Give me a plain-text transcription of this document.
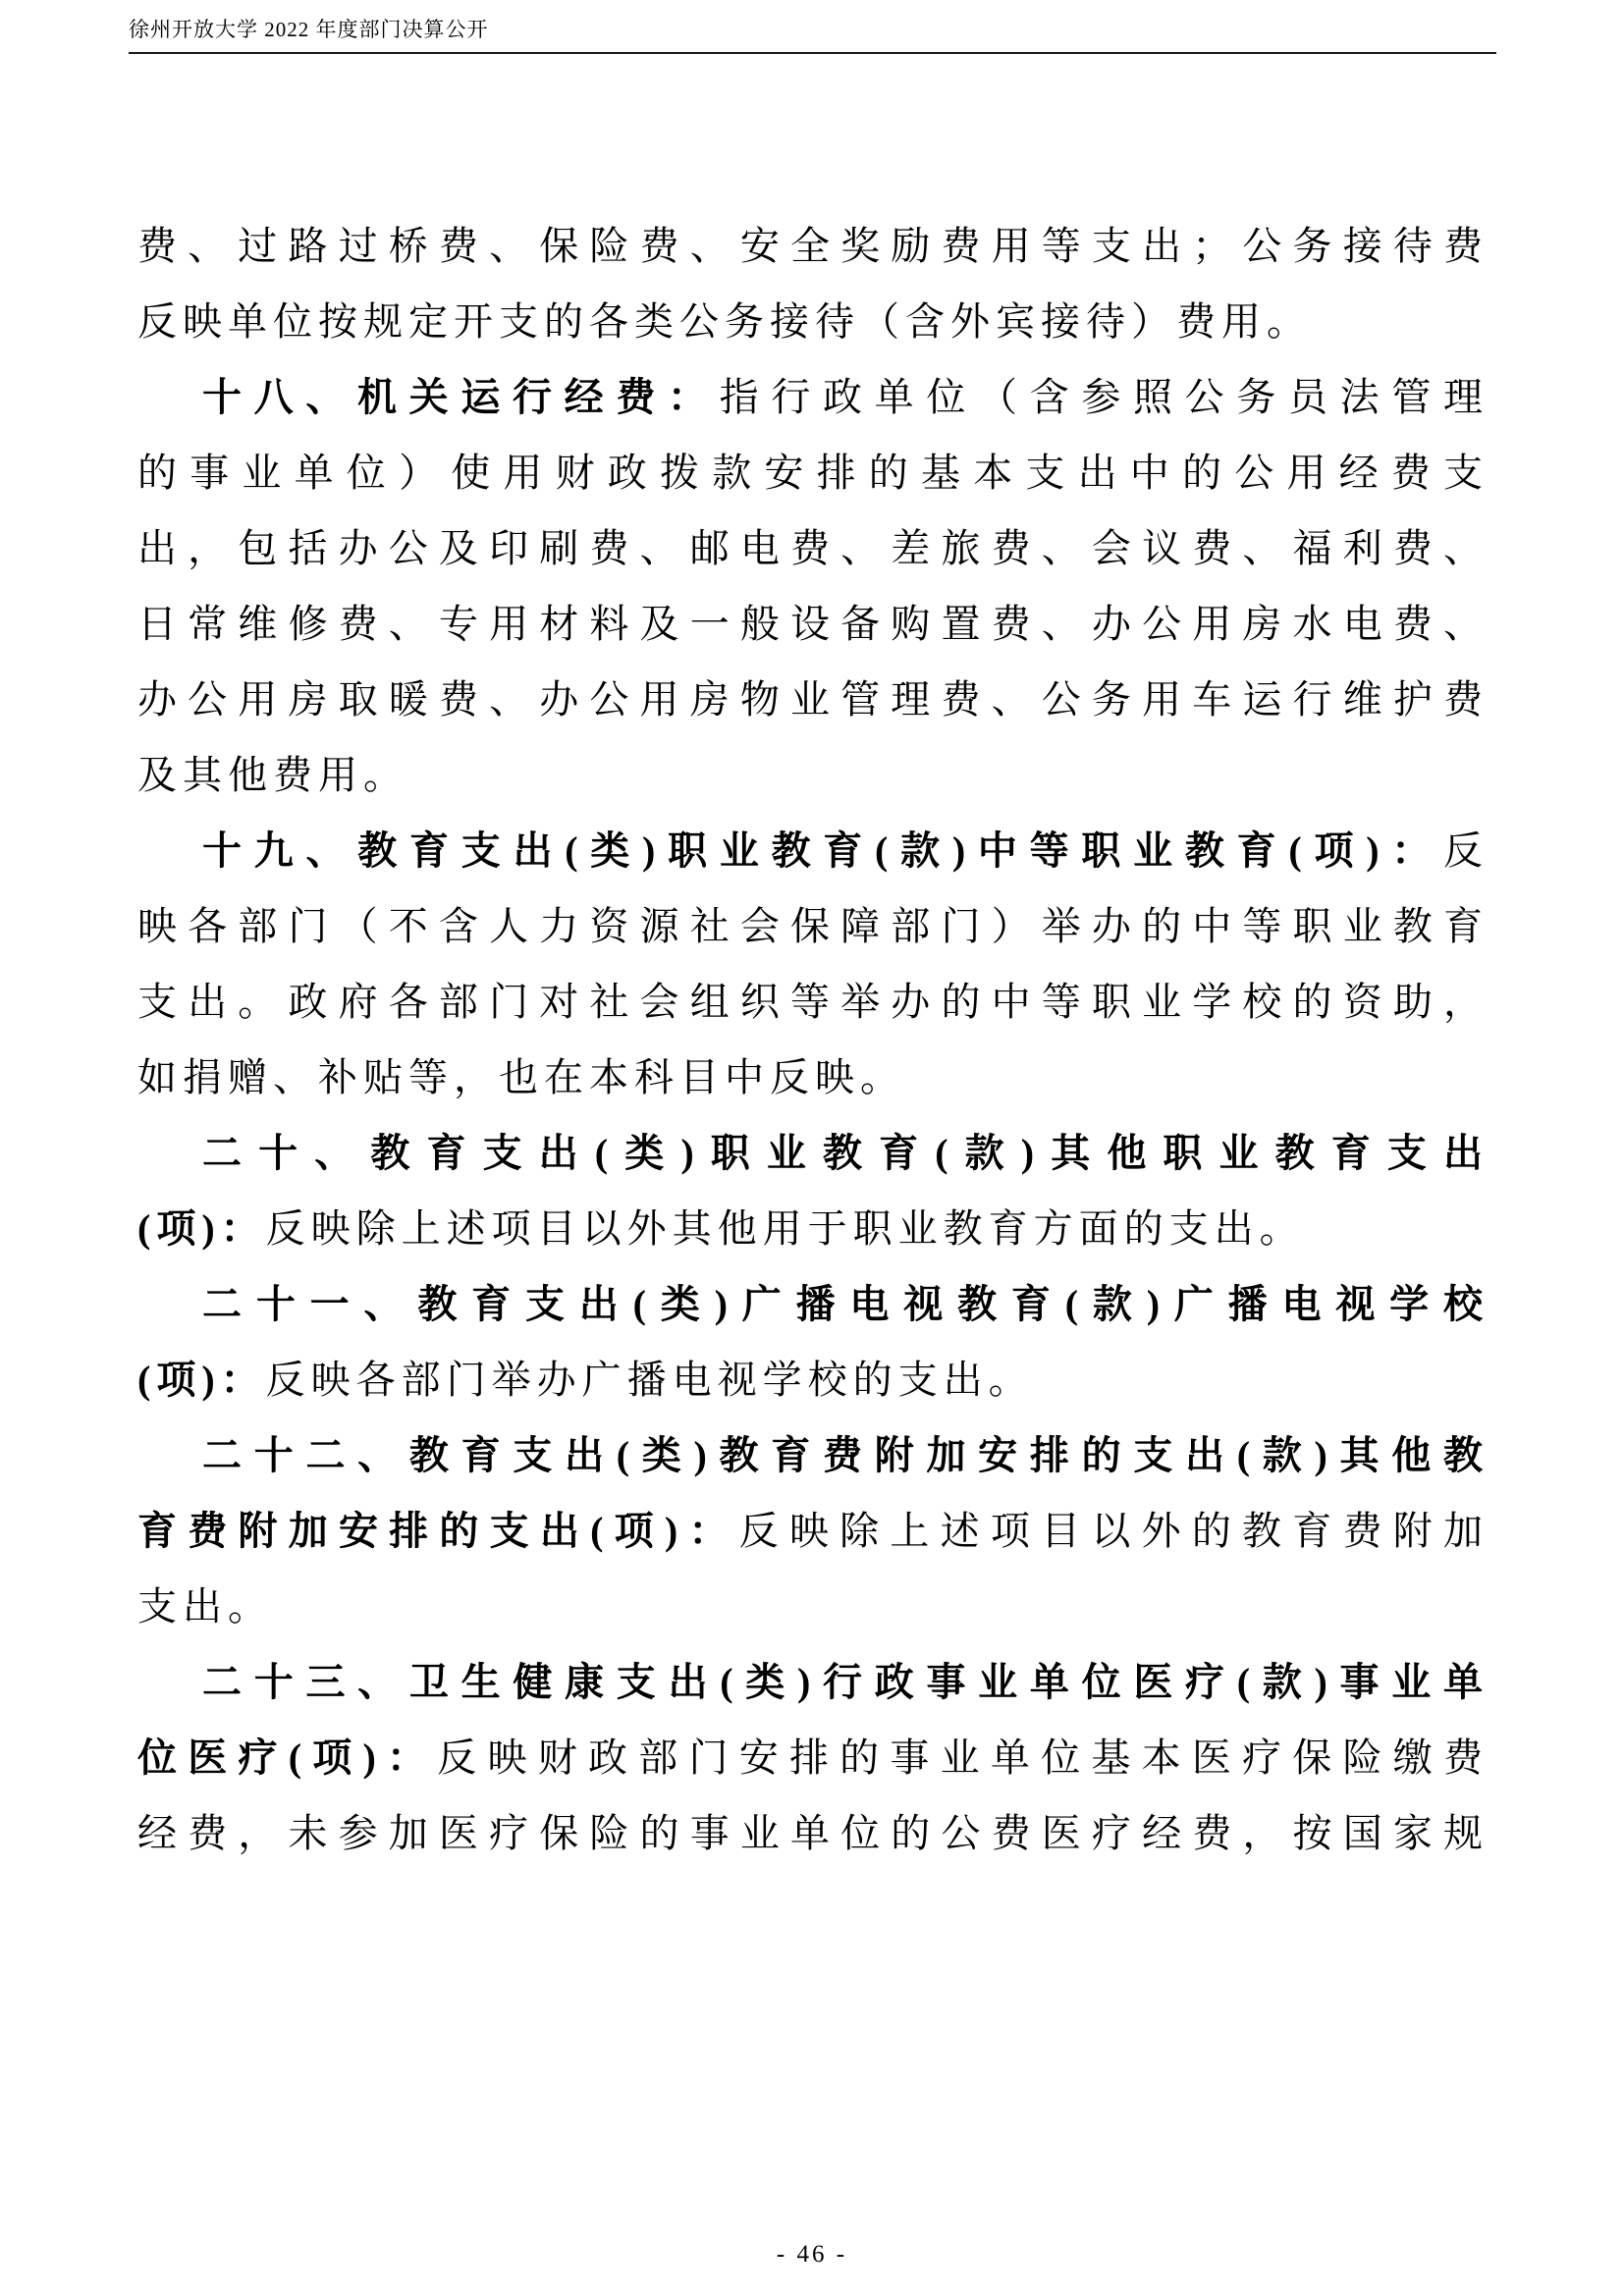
徐州开放大学 2022 年度部门决算公开
费、过路过桥费、保险费、安全奖励费用等支出；公务接待费
反映单位按规定开支的各类公务接待（含外宾接待）费用。
十八、机关运行经费：指行政单位（含参照公务员法管理
的事业单位）使用财政拨款安排的基本支出中的公用经费支
出，包括办公及印刷费、邮电费、差旅费、会议费、福利费、
日常维修费、专用材料及一般设备购置费、办公用房水电费、
办公用房取暖费、办公用房物业管理费、公务用车运行维护费
及其他费用。
十九、教育支出(类)职业教育(款)中等职业教育(项)：反
映各部门（不含人力资源社会保障部门）举办的中等职业教育
支出。政府各部门对社会组织等举办的中等职业学校的资助，
如捐赠、补贴等，也在本科目中反映。
二十、教育支出(类)职业教育(款)其他职业教育支出
(项)：反映除上述项目以外其他用于职业教育方面的支出。
二十一、教育支出(类)广播电视教育(款)广播电视学校
(项)：反映各部门举办广播电视学校的支出。
二十二、教育支出(类)教育费附加安排的支出(款)其他教
育费附加安排的支出(项)：反映除上述项目以外的教育费附加
支出。
二十三、卫生健康支出(类)行政事业单位医疗(款)事业单
位医疗(项)：反映财政部门安排的事业单位基本医疗保险缴费
经费，未参加医疗保险的事业单位的公费医疗经费，按国家规
- 46 -
